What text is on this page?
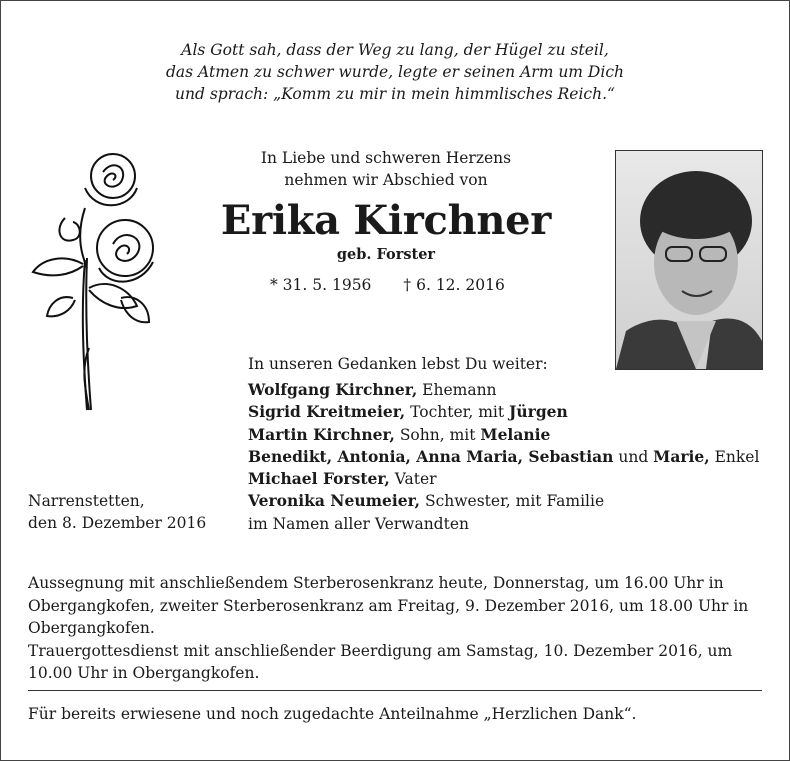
Als Gott sah, dass der Weg zu lang, der Hügel zu steil,
das Atmen zu schwer wurde, legte er seinen Arm um Dich
und sprach: „Komm zu mir in mein himmlisches Reich.“
In Liebe und schweren Herzens
nehmen wir Abschied von
Erika Kirchner
geb. Forster
* 31. 5. 1956 † 6. 12. 2016
In unseren Gedanken lebst Du weiter:
Wolfgang Kirchner, Ehemann
Sigrid Kreitmeier, Tochter, mit Jürgen
Martin Kirchner, Sohn, mit Melanie
Benedikt, Antonia, Anna Maria, Sebastian und Marie, Enkel
Michael Forster, Vater
Veronika Neumeier, Schwester, mit Familie
im Namen aller Verwandten
Narrenstetten,
den 8. Dezember 2016
Aussegnung mit anschließendem Sterberosenkranz heute, Donnerstag, um 16.00 Uhr in Obergangkofen, zweiter Sterberosenkranz am Freitag, 9. Dezember 2016, um 18.00 Uhr in Obergangkofen.
Trauergottesdienst mit anschließender Beerdigung am Samstag, 10. Dezember 2016, um 10.00 Uhr in Obergangkofen.
Für bereits erwiesene und noch zugedachte Anteilnahme „Herzlichen Dank“.
